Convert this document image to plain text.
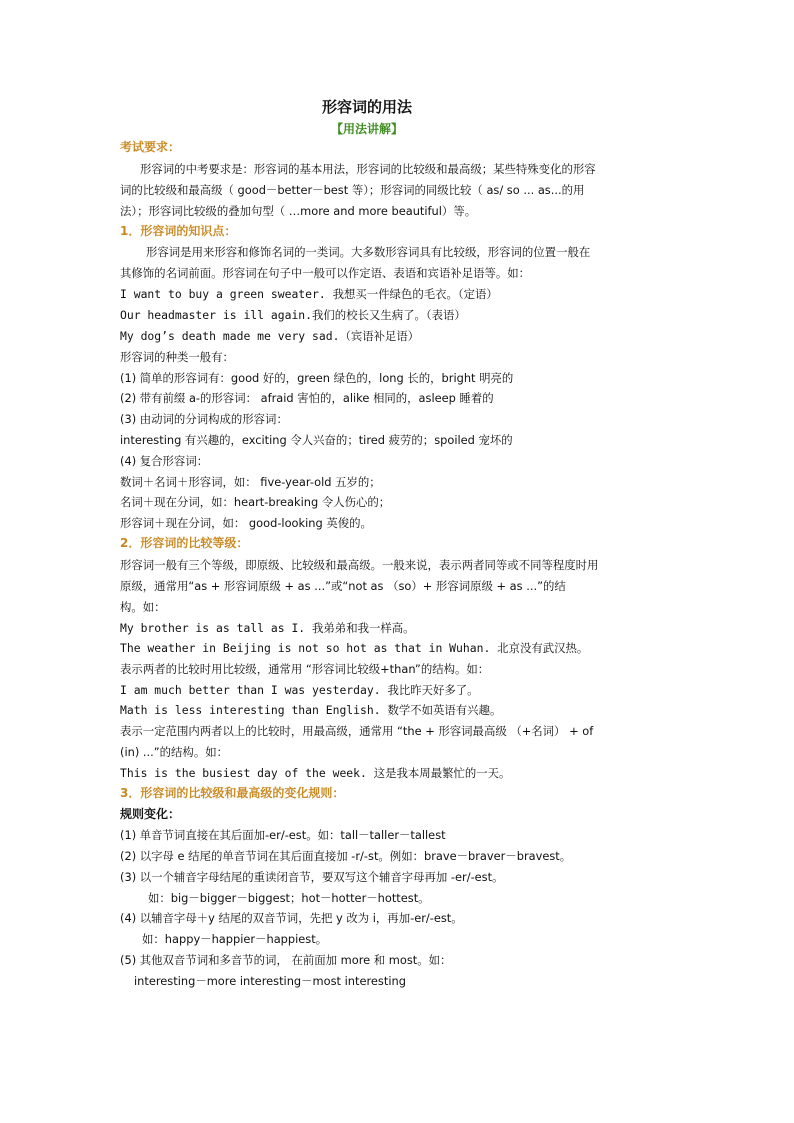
形容词的用法
【用法讲解】
考试要求：
形容词的中考要求是：形容词的基本用法，形容词的比较级和最高级；某些特殊变化的形容
词的比较级和最高级（ good－better－best 等）；形容词的同级比较（ as/ so ... as...的用
法）；形容词比较级的叠加句型（ …more and more beautiful）等。
1．形容词的知识点：
形容词是用来形容和修饰名词的一类词。大多数形容词具有比较级，形容词的位置一般在
其修饰的名词前面。形容词在句子中一般可以作定语、表语和宾语补足语等。如：
I want to buy a green sweater. 我想买一件绿色的毛衣。（定语）
Our headmaster is ill again.我们的校长又生病了。（表语）
My dog’s death made me very sad.（宾语补足语）
形容词的种类一般有：
(1) 简单的形容词有：good 好的，green 绿色的，long 长的，bright 明亮的
(2) 带有前缀 a-的形容词： afraid 害怕的，alike 相同的，asleep 睡着的
(3) 由动词的分词构成的形容词：
interesting 有兴趣的，exciting 令人兴奋的；tired 疲劳的；spoiled 宠坏的
(4) 复合形容词：
数词＋名词＋形容词，如： five-year-old 五岁的；
名词＋现在分词，如：heart-breaking 令人伤心的；
形容词＋现在分词，如： good-looking 英俊的。
2．形容词的比较等级：
形容词一般有三个等级，即原级、比较级和最高级。一般来说，表示两者同等或不同等程度时用
原级，通常用“as + 形容词原级 + as ...”或“not as （so）+ 形容词原级 + as ...”的结
构。如：
My brother is as tall as I. 我弟弟和我一样高。
The weather in Beijing is not so hot as that in Wuhan. 北京没有武汉热。
表示两者的比较时用比较级，通常用 “形容词比较级+than”的结构。如：
I am much better than I was yesterday. 我比昨天好多了。
Math is less interesting than English. 数学不如英语有兴趣。
表示一定范围内两者以上的比较时，用最高级，通常用 “the + 形容词最高级 （+名词） + of
(in) ...”的结构。如：
This is the busiest day of the week. 这是我本周最繁忙的一天。
3．形容词的比较级和最高级的变化规则：
规则变化：
(1) 单音节词直接在其后面加-er/-est。如：tall－taller－tallest
(2) 以字母 e 结尾的单音节词在其后面直接加 -r/-st。例如：brave－braver－bravest。
(3) 以一个辅音字母结尾的重读闭音节，要双写这个辅音字母再加 -er/-est。
如：big－bigger－biggest；hot－hotter－hottest。
(4) 以辅音字母＋y 结尾的双音节词，先把 y 改为 i，再加-er/-est。
如：happy－happier－happiest。
(5) 其他双音节词和多音节的词， 在前面加 more 和 most。如：
interesting－more interesting－most interesting
